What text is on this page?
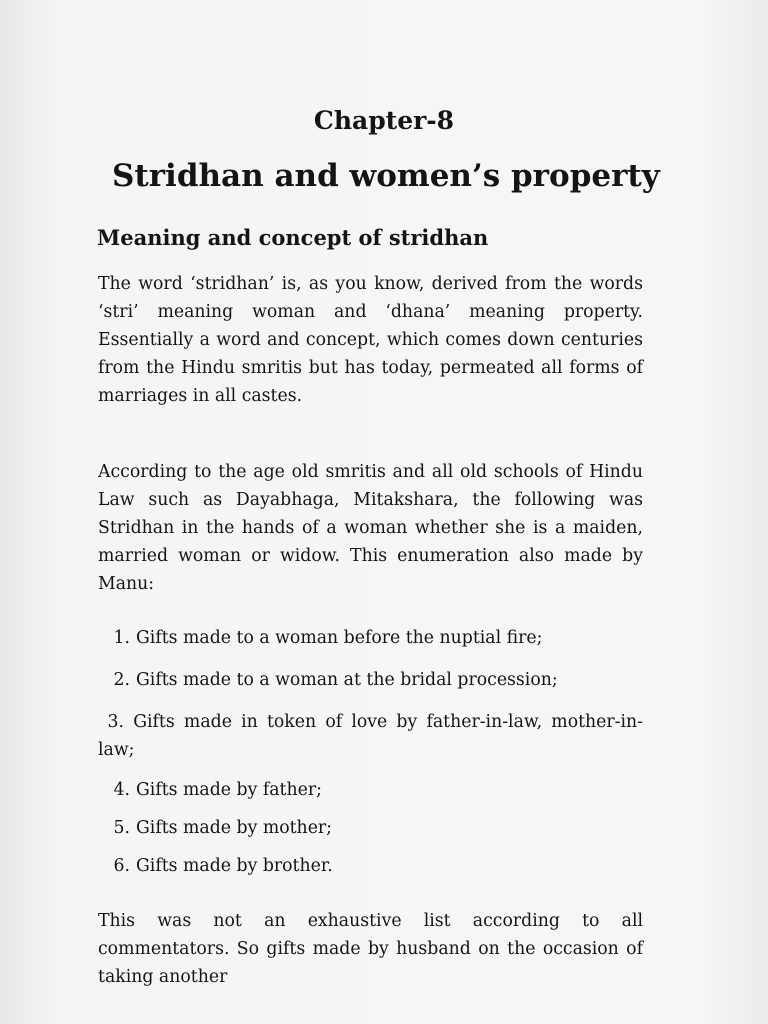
Chapter-8
Stridhan and women’s property
Meaning and concept of stridhan

The word ‘stridhan’ is, as you know, derived from the words ‘stri’ meaning woman and ‘dhana’ meaning property. Essentially a word and concept, which comes down centuries from the Hindu smritis but has today, permeated all forms of marriages in all castes.

According to the age old smritis and all old schools of Hindu Law such as Dayabhaga, Mitakshara, the following was Stridhan in the hands of a woman whether she is a maiden, married woman or widow. This enumeration also made by Manu:

1. Gifts made to a woman before the nuptial fire;
2. Gifts made to a woman at the bridal procession;
3. Gifts made in token of love by father-in-law, mother-in-law;
4. Gifts made by father;
5. Gifts made by mother;
6. Gifts made by brother.

This was not an exhaustive list according to all commentators. So gifts made by husband on the occasion of taking another
